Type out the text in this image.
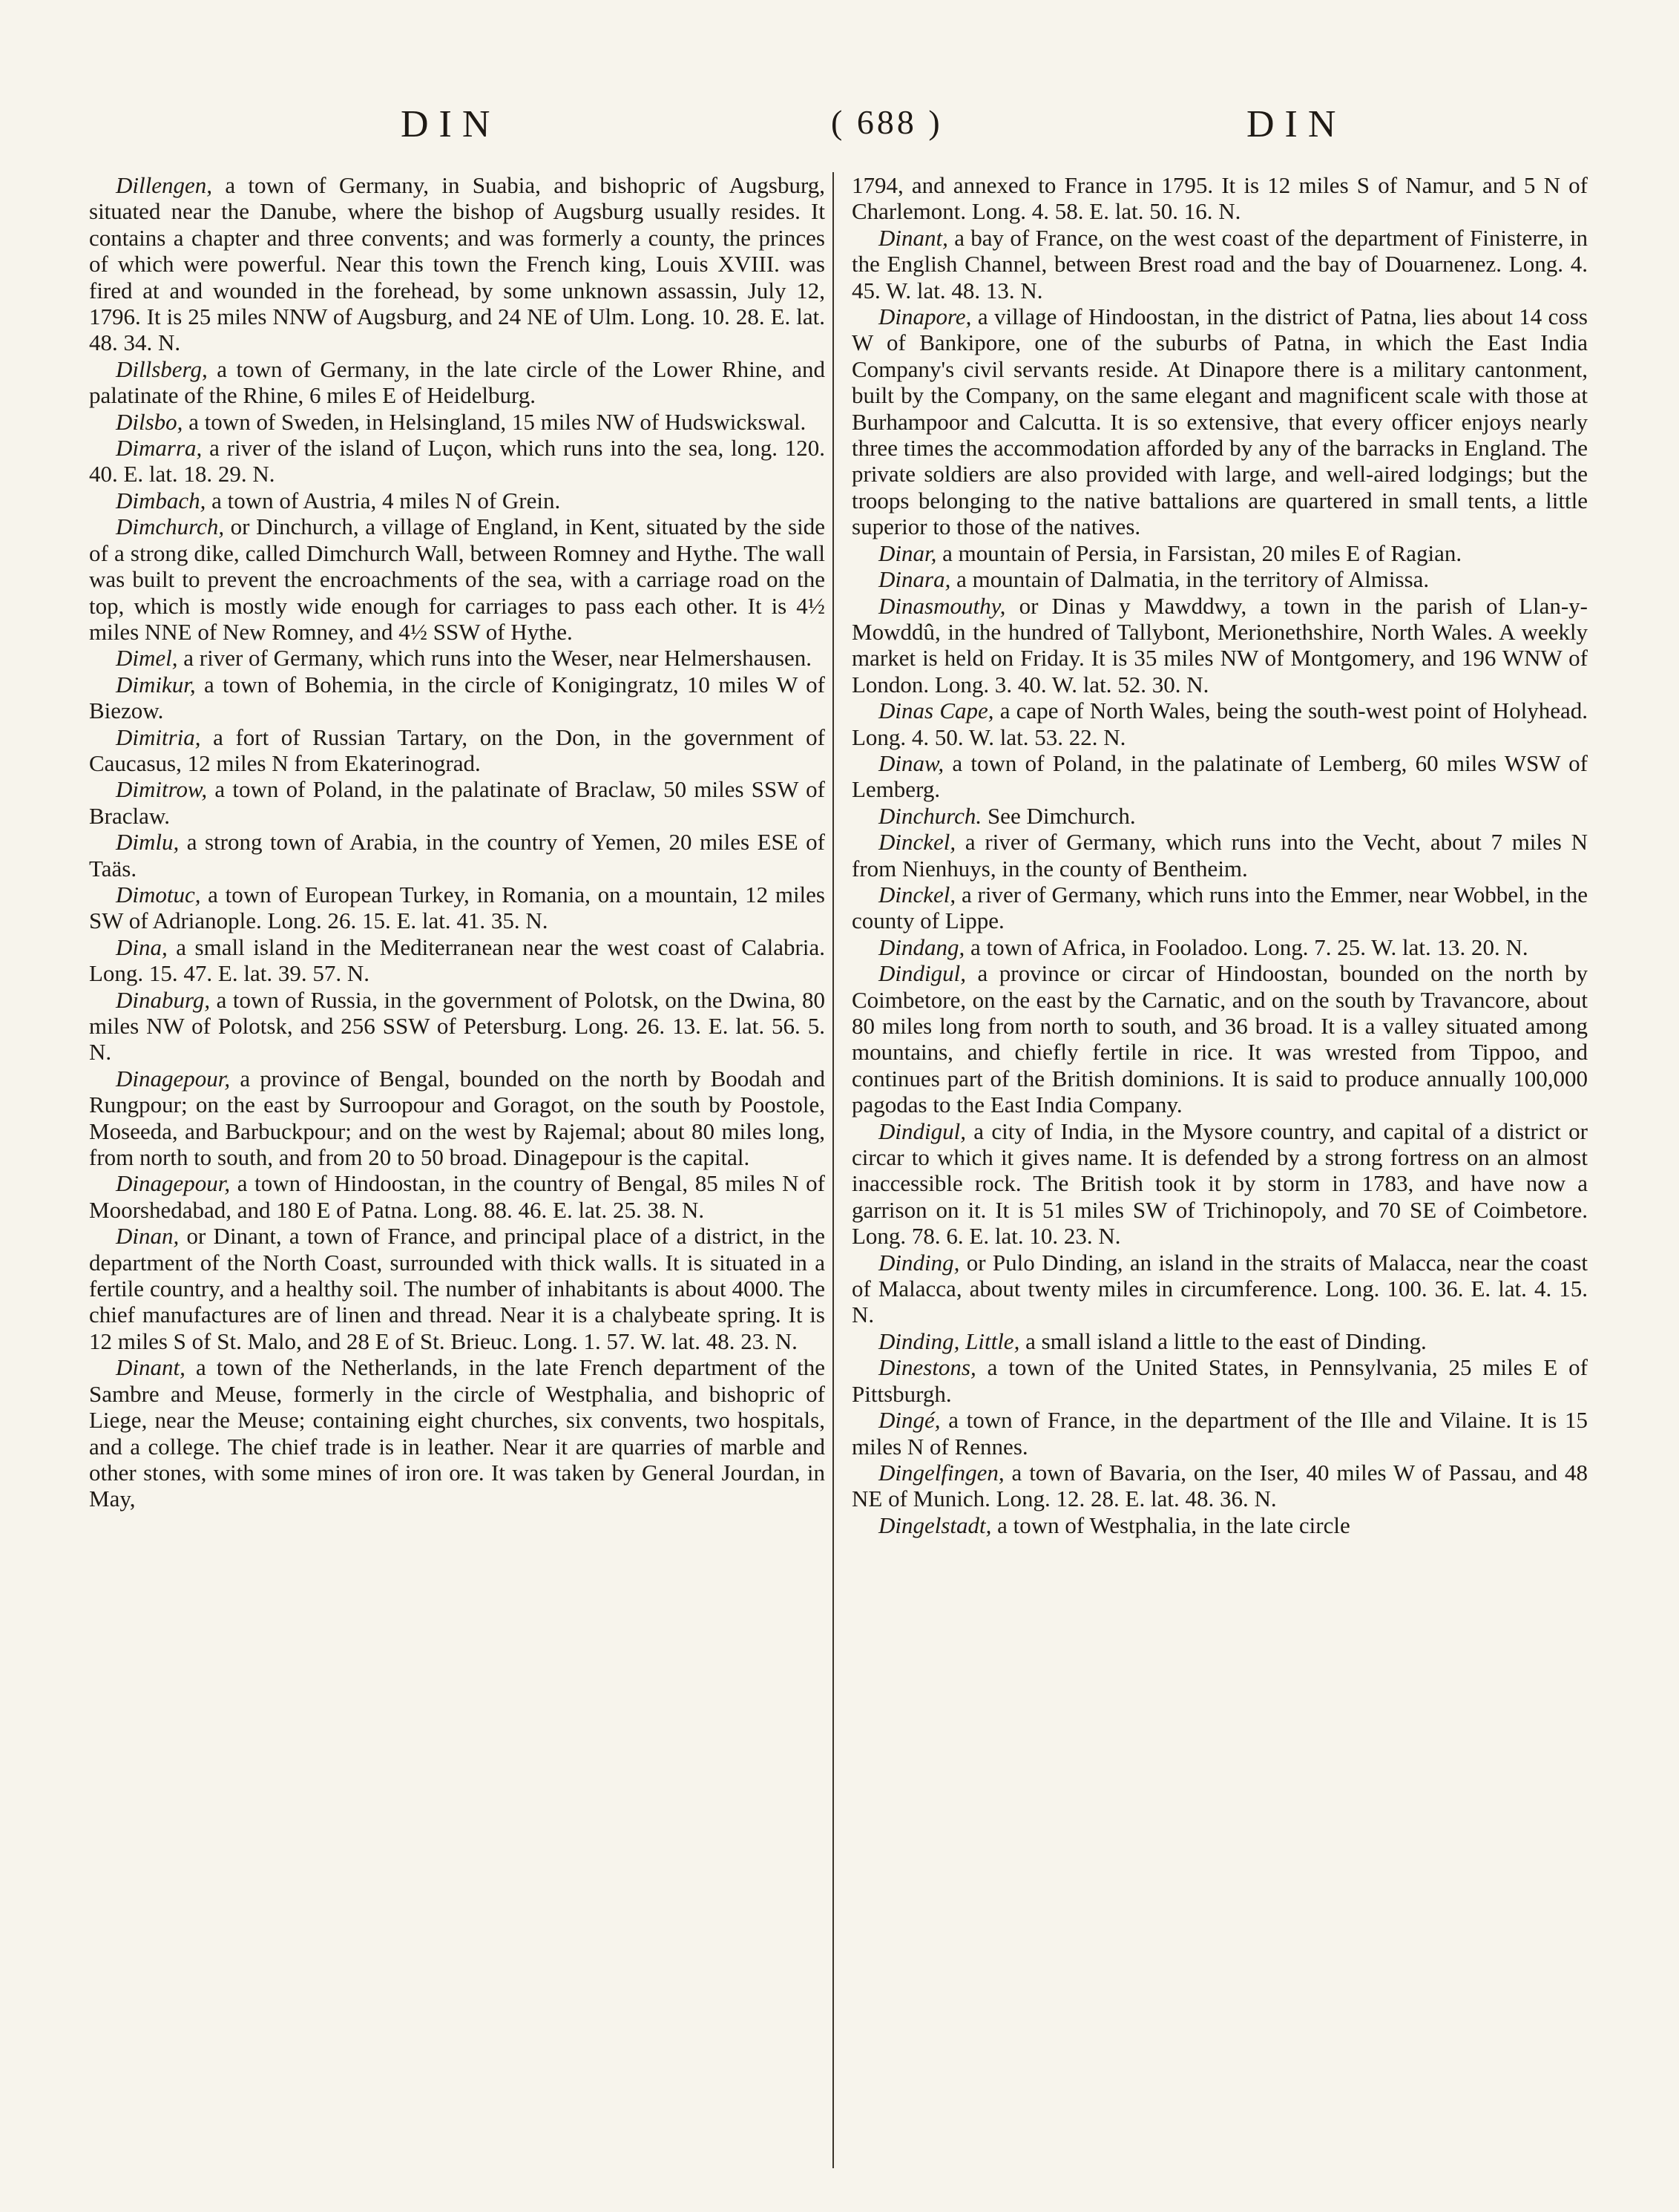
DIN	( 688 )	DIN

Dillengen, a town of Germany, in Suabia, and bishopric of Augsburg, situated near the Danube, where the bishop of Augsburg usually resides. It contains a chapter and three convents; and was formerly a county, the princes of which were powerful. Near this town the French king, Louis XVIII. was fired at and wounded in the forehead, by some unknown assassin, July 12, 1796. It is 25 miles NNW of Augsburg, and 24 NE of Ulm. Long. 10. 28. E. lat. 48. 34. N.

Dillsberg, a town of Germany, in the late circle of the Lower Rhine, and palatinate of the Rhine, 6 miles E of Heidelburg.

Dilsbo, a town of Sweden, in Helsingland, 15 miles NW of Hudswickswal.

Dimarra, a river of the island of Luçon, which runs into the sea, long. 120. 40. E. lat. 18. 29. N.

Dimbach, a town of Austria, 4 miles N of Grein.

Dimchurch, or Dinchurch, a village of England, in Kent, situated by the side of a strong dike, called Dimchurch Wall, between Romney and Hythe. The wall was built to prevent the encroachments of the sea, with a carriage road on the top, which is mostly wide enough for carriages to pass each other. It is 4½ miles NNE of New Romney, and 4½ SSW of Hythe.

Dimel, a river of Germany, which runs into the Weser, near Helmershausen.

Dimikur, a town of Bohemia, in the circle of Konigingratz, 10 miles W of Biezow.

Dimitria, a fort of Russian Tartary, on the Don, in the government of Caucasus, 12 miles N from Ekaterinograd.

Dimitrow, a town of Poland, in the palatinate of Braclaw, 50 miles SSW of Braclaw.

Dimlu, a strong town of Arabia, in the country of Yemen, 20 miles ESE of Taäs.

Dimotuc, a town of European Turkey, in Romania, on a mountain, 12 miles SW of Adrianople. Long. 26. 15. E. lat. 41. 35. N.

Dina, a small island in the Mediterranean near the west coast of Calabria. Long. 15. 47. E. lat. 39. 57. N.

Dinaburg, a town of Russia, in the government of Polotsk, on the Dwina, 80 miles NW of Polotsk, and 256 SSW of Petersburg. Long. 26. 13. E. lat. 56. 5. N.

Dinagepour, a province of Bengal, bounded on the north by Boodah and Rungpour; on the east by Surroopour and Goragot, on the south by Poostole, Moseeda, and Barbuckpour; and on the west by Rajemal; about 80 miles long, from north to south, and from 20 to 50 broad. Dinagepour is the capital.

Dinagepour, a town of Hindoostan, in the country of Bengal, 85 miles N of Moorshedabad, and 180 E of Patna. Long. 88. 46. E. lat. 25. 38. N.

Dinan, or Dinant, a town of France, and principal place of a district, in the department of the North Coast, surrounded with thick walls. It is situated in a fertile country, and a healthy soil. The number of inhabitants is about 4000. The chief manufactures are of linen and thread. Near it is a chalybeate spring. It is 12 miles S of St. Malo, and 28 E of St. Brieuc. Long. 1. 57. W. lat. 48. 23. N.

Dinant, a town of the Netherlands, in the late French department of the Sambre and Meuse, formerly in the circle of Westphalia, and bishopric of Liege, near the Meuse; containing eight churches, six convents, two hospitals, and a college. The chief trade is in leather. Near it are quarries of marble and other stones, with some mines of iron ore. It was taken by General Jourdan, in May,

1794, and annexed to France in 1795. It is 12 miles S of Namur, and 5 N of Charlemont. Long. 4. 58. E. lat. 50. 16. N.

Dinant, a bay of France, on the west coast of the department of Finisterre, in the English Channel, between Brest road and the bay of Douarnenez. Long. 4. 45. W. lat. 48. 13. N.

Dinapore, a village of Hindoostan, in the district of Patna, lies about 14 coss W of Bankipore, one of the suburbs of Patna, in which the East India Company's civil servants reside. At Dinapore there is a military cantonment, built by the Company, on the same elegant and magnificent scale with those at Burhampoor and Calcutta. It is so extensive, that every officer enjoys nearly three times the accommodation afforded by any of the barracks in England. The private soldiers are also provided with large, and well-aired lodgings; but the troops belonging to the native battalions are quartered in small tents, a little superior to those of the natives.

Dinar, a mountain of Persia, in Farsistan, 20 miles E of Ragian.

Dinara, a mountain of Dalmatia, in the territory of Almissa.

Dinasmouthy, or Dinas y Mawddwy, a town in the parish of Llan-y-Mowddû, in the hundred of Tallybont, Merionethshire, North Wales. A weekly market is held on Friday. It is 35 miles NW of Montgomery, and 196 WNW of London. Long. 3. 40. W. lat. 52. 30. N.

Dinas Cape, a cape of North Wales, being the south-west point of Holyhead. Long. 4. 50. W. lat. 53. 22. N.

Dinaw, a town of Poland, in the palatinate of Lemberg, 60 miles WSW of Lemberg.

Dinchurch. See Dimchurch.

Dinckel, a river of Germany, which runs into the Vecht, about 7 miles N from Nienhuys, in the county of Bentheim.

Dinckel, a river of Germany, which runs into the Emmer, near Wobbel, in the county of Lippe.

Dindang, a town of Africa, in Fooladoo. Long. 7. 25. W. lat. 13. 20. N.

Dindigul, a province or circar of Hindoostan, bounded on the north by Coimbetore, on the east by the Carnatic, and on the south by Travancore, about 80 miles long from north to south, and 36 broad. It is a valley situated among mountains, and chiefly fertile in rice. It was wrested from Tippoo, and continues part of the British dominions. It is said to produce annually 100,000 pagodas to the East India Company.

Dindigul, a city of India, in the Mysore country, and capital of a district or circar to which it gives name. It is defended by a strong fortress on an almost inaccessible rock. The British took it by storm in 1783, and have now a garrison on it. It is 51 miles SW of Trichinopoly, and 70 SE of Coimbetore. Long. 78. 6. E. lat. 10. 23. N.

Dinding, or Pulo Dinding, an island in the straits of Malacca, near the coast of Malacca, about twenty miles in circumference. Long. 100. 36. E. lat. 4. 15. N.

Dinding, Little, a small island a little to the east of Dinding.

Dinestons, a town of the United States, in Pennsylvania, 25 miles E of Pittsburgh.

Dingé, a town of France, in the department of the Ille and Vilaine. It is 15 miles N of Rennes.

Dingelfingen, a town of Bavaria, on the Iser, 40 miles W of Passau, and 48 NE of Munich. Long. 12. 28. E. lat. 48. 36. N.

Dingelstadt, a town of Westphalia, in the late circle
